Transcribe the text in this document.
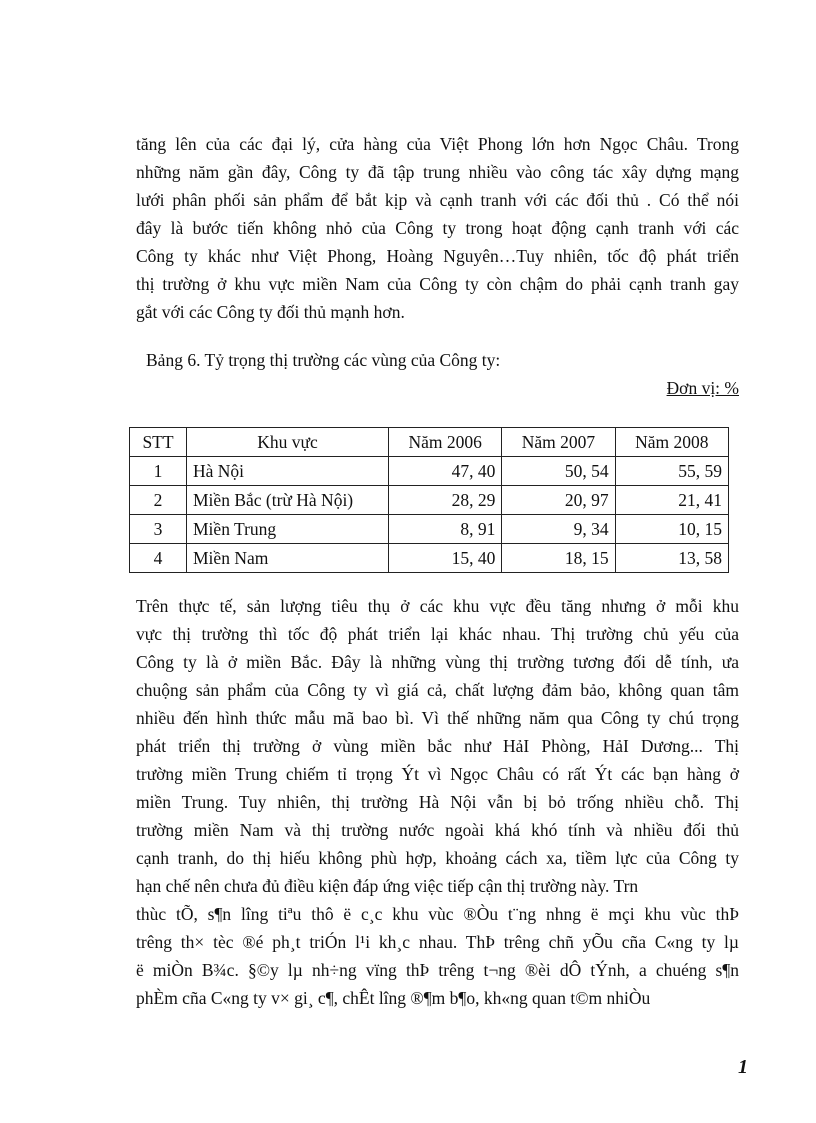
tăng lên của các đại lý, cửa hàng của Việt Phong lớn hơn Ngọc Châu. Trong
những năm gần đây, Công ty đã tập trung nhiều vào công tác xây dựng mạng
lưới phân phối sản phẩm để bắt kịp và cạnh tranh với các đối thủ . Có thể nói
đây là bước tiến không nhỏ của Công ty trong hoạt động cạnh tranh với các
Công ty khác như Việt Phong, Hoàng Nguyên…Tuy nhiên, tốc độ phát triển
thị trường ở khu vực miền Nam của Công ty còn chậm do phải cạnh tranh gay
gắt với các Công ty đối thủ mạnh hơn.
Bảng 6. Tỷ trọng thị trường các vùng của Công ty:
Đơn vị: %
STT	Khu vực	Năm 2006	Năm 2007	Năm 2008
1	Hà Nội	47, 40	50, 54	55, 59
2	Miền Bắc (trừ Hà Nội)	28, 29	20, 97	21, 41
3	Miền Trung	8, 91	9, 34	10, 15
4	Miền Nam	15, 40	18, 15	13, 58
Trên thực tế, sản lượng tiêu thụ ở các khu vực đều tăng nhưng ở mỗi khu
vực thị trường thì tốc độ phát triển lại khác nhau. Thị trường chủ yếu của
Công ty là ở miền Bắc. Đây là những vùng thị trường tương đối dễ tính, ưa
chuộng sản phẩm của Công ty vì giá cả, chất lượng đảm bảo, không quan tâm
nhiều đến hình thức mẫu mã bao bì. Vì thế những năm qua Công ty chú trọng
phát triển thị trường ở vùng miền bắc như HảI Phòng, HảI Dương... Thị
trường miền Trung chiếm tỉ trọng Ýt vì Ngọc Châu có rất Ýt các bạn hàng ở
miền Trung. Tuy nhiên, thị trường Hà Nội vẫn bị bỏ trống nhiều chỗ. Thị
trường miền Nam và thị trường nước ngoài khá khó tính và nhiều đối thủ
cạnh tranh, do thị hiếu không phù hợp, khoảng cách xa, tiềm lực của Công ty
hạn chế nên chưa đủ điều kiện đáp ứng việc tiếp cận thị trường này. Trn
thùc tÕ, s¶n lîng tiªu thô ë c¸c khu vùc ®Òu t¨ng nhng ë mçi khu vùc thÞ
trêng th× tèc ®é ph¸t triÓn l¹i kh¸c nhau. ThÞ trêng chñ yÕu cña C«ng ty lµ
ë miÒn B¾c. §©y lµ nh÷ng vïng thÞ trêng t¬ng ®èi dÔ tÝnh, a chuéng s¶n
phÈm cña C«ng ty v× gi¸ c¶, chÊt lîng ®¶m b¶o, kh«ng quan t©m nhiÒu
1
